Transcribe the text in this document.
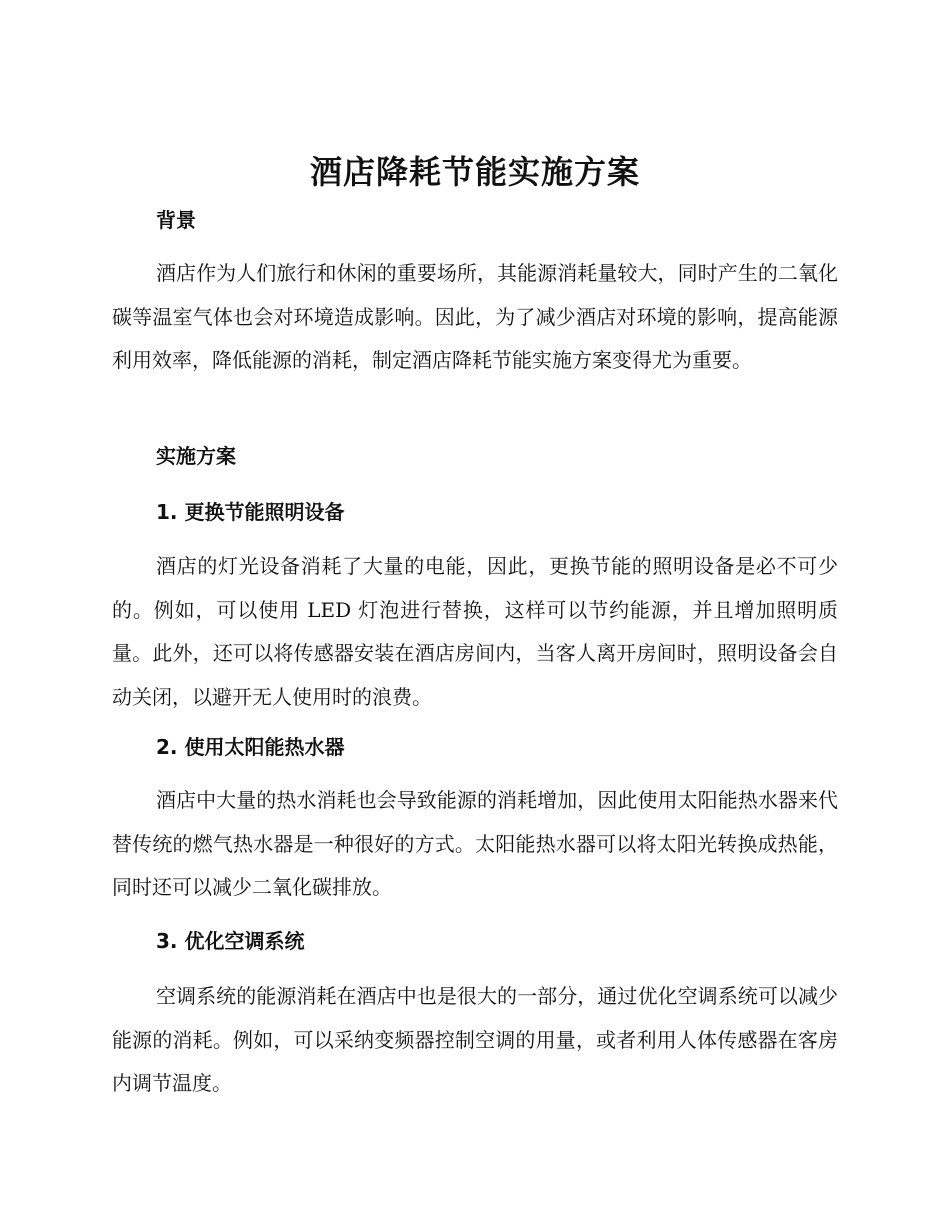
酒店降耗节能实施方案
背景
酒店作为人们旅行和休闲的重要场所，其能源消耗量较大，同时产生的二氧化碳等温室气体也会对环境造成影响。因此，为了减少酒店对环境的影响，提高能源利用效率，降低能源的消耗，制定酒店降耗节能实施方案变得尤为重要。
实施方案
1. 更换节能照明设备
酒店的灯光设备消耗了大量的电能，因此，更换节能的照明设备是必不可少的。例如，可以使用 LED 灯泡进行替换，这样可以节约能源，并且增加照明质量。此外，还可以将传感器安装在酒店房间内，当客人离开房间时，照明设备会自动关闭，以避开无人使用时的浪费。
2. 使用太阳能热水器
酒店中大量的热水消耗也会导致能源的消耗增加，因此使用太阳能热水器来代替传统的燃气热水器是一种很好的方式。太阳能热水器可以将太阳光转换成热能，同时还可以减少二氧化碳排放。
3. 优化空调系统
空调系统的能源消耗在酒店中也是很大的一部分，通过优化空调系统可以减少能源的消耗。例如，可以采纳变频器控制空调的用量，或者利用人体传感器在客房内调节温度。
